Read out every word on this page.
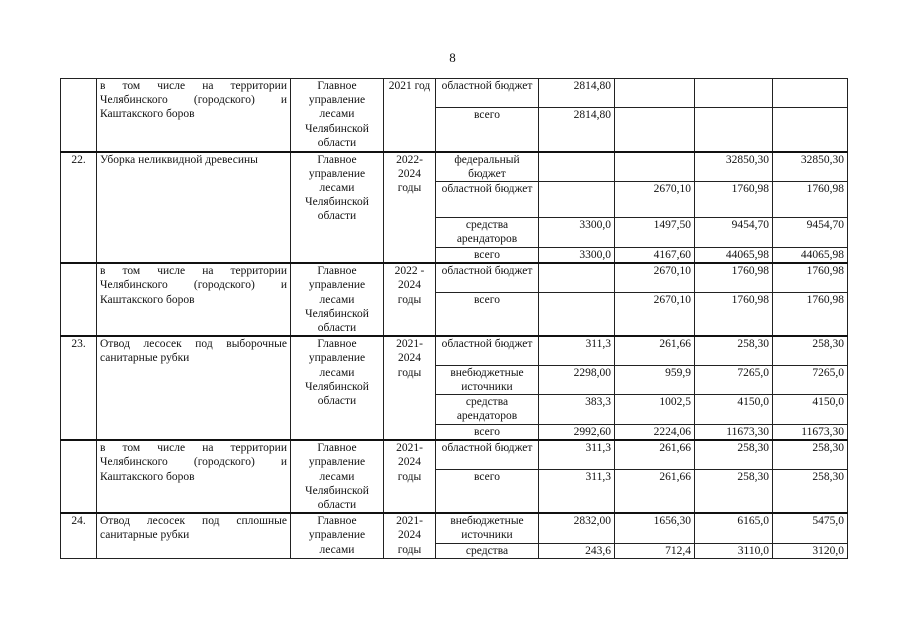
8
	в том числе на территории Челябинского (городского) и Каштакского боров	Главное управление лесами Челябинской области	2021 год	областной бюджет	2814,80			
				всего	2814,80			
22.	Уборка неликвидной древесины	Главное управление лесами Челябинской области	2022-2024 годы	федеральный бюджет			32850,30	32850,30
				областной бюджет		2670,10	1760,98	1760,98
				средства арендаторов	3300,0	1497,50	9454,70	9454,70
				всего	3300,0	4167,60	44065,98	44065,98
	в том числе на территории Челябинского (городского) и Каштакского боров	Главное управление лесами Челябинской области	2022 - 2024 годы	областной бюджет		2670,10	1760,98	1760,98
				всего		2670,10	1760,98	1760,98
23.	Отвод лесосек под выборочные санитарные рубки	Главное управление лесами Челябинской области	2021-2024 годы	областной бюджет	311,3	261,66	258,30	258,30
				внебюджетные источники	2298,00	959,9	7265,0	7265,0
				средства арендаторов	383,3	1002,5	4150,0	4150,0
				всего	2992,60	2224,06	11673,30	11673,30
	в том числе на территории Челябинского (городского) и Каштакского боров	Главное управление лесами Челябинской области	2021-2024 годы	областной бюджет	311,3	261,66	258,30	258,30
				всего	311,3	261,66	258,30	258,30
24.	Отвод лесосек под сплошные санитарные рубки	Главное управление лесами	2021-2024 годы	внебюджетные источники	2832,00	1656,30	6165,0	5475,0
				средства	243,6	712,4	3110,0	3120,0
